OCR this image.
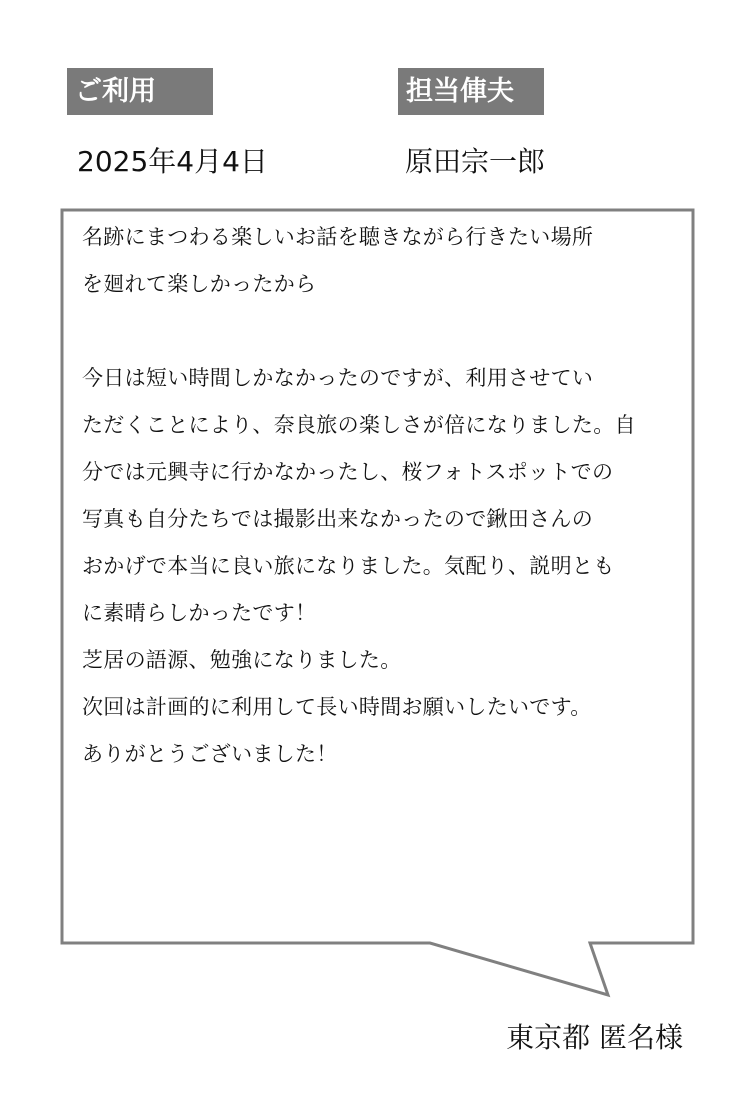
ご利用	担当俥夫
2025年4月4日	原田宗一郎

名跡にまつわる楽しいお話を聴きながら行きたい場所

を廻れて楽しかったから

今日は短い時間しかなかったのですが、利用させてい

ただくことにより、奈良旅の楽しさが倍になりました。自

分では元興寺に行かなかったし、桜フォトスポットでの

写真も自分たちでは撮影出来なかったので鍬田さんの

おかげで本当に良い旅になりました。気配り、説明とも

に素晴らしかったです！

芝居の語源、勉強になりました。

次回は計画的に利用して長い時間お願いしたいです。

ありがとうございました！

東京都 匿名様
